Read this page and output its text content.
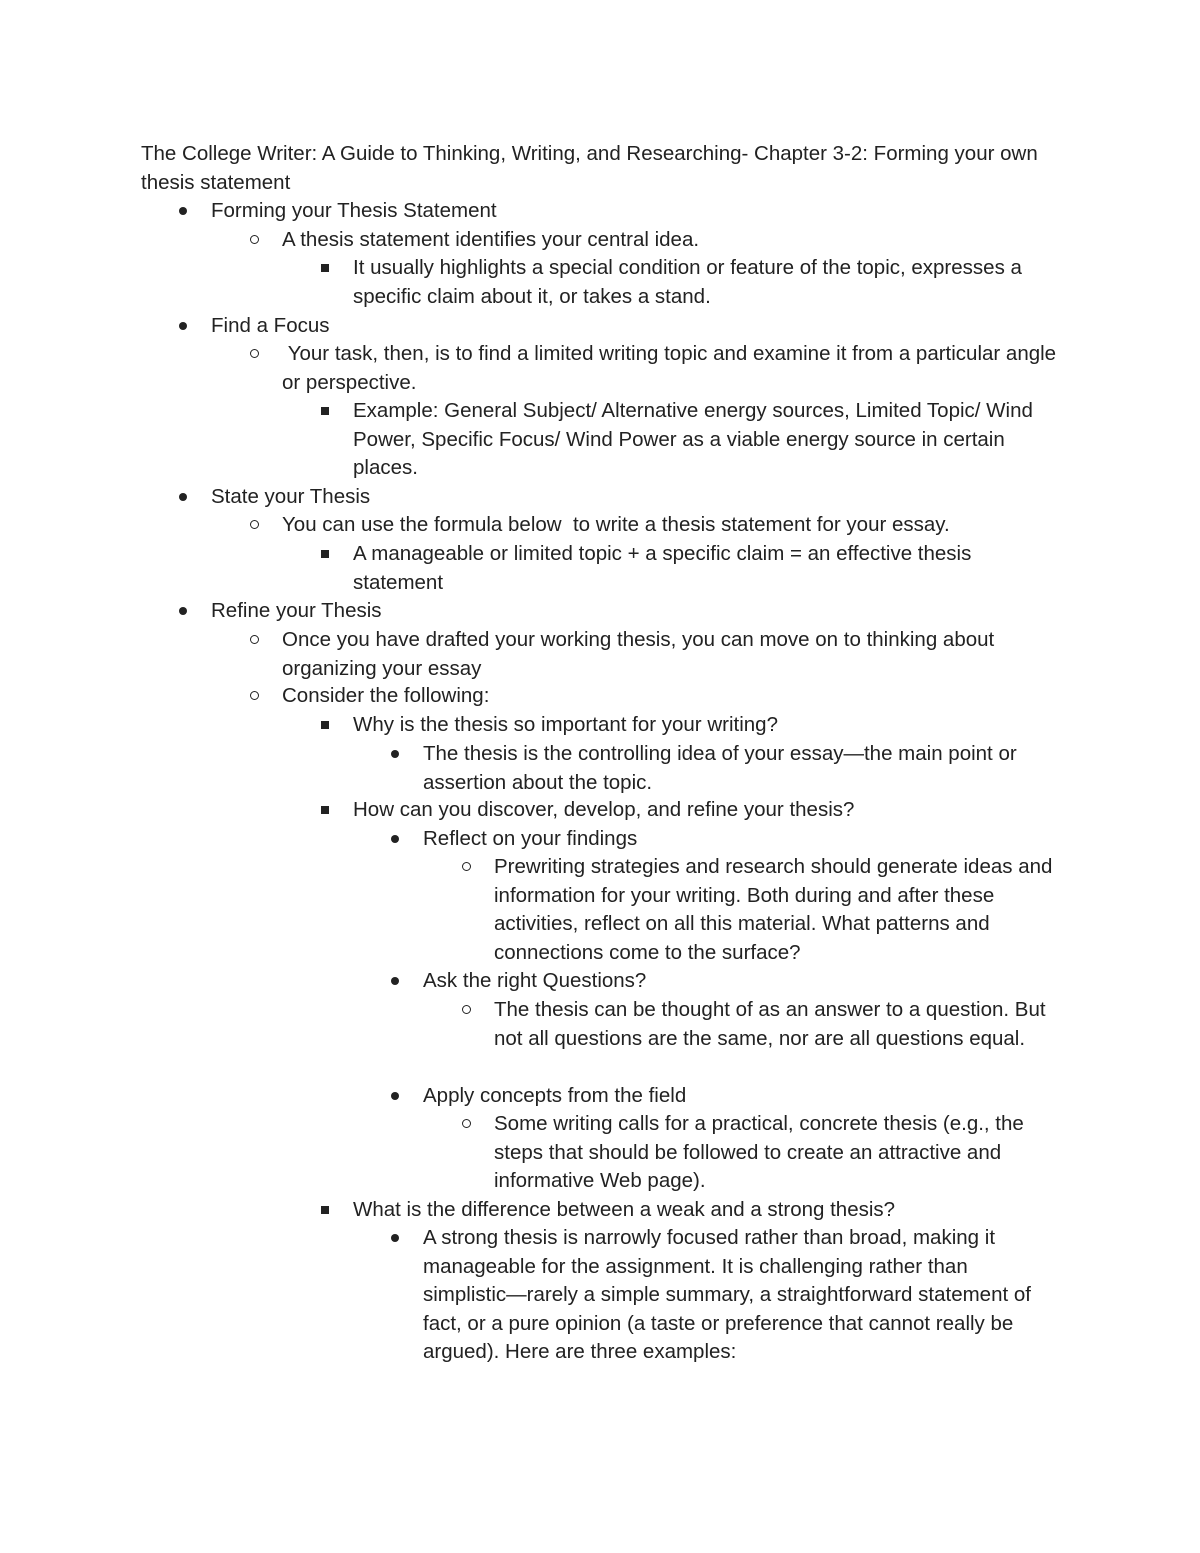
The College Writer: A Guide to Thinking, Writing, and Researching- Chapter 3-2: Forming your own thesis statement
Forming your Thesis Statement
A thesis statement identifies your central idea.
It usually highlights a special condition or feature of the topic, expresses a specific claim about it, or takes a stand.
Find a Focus
Your task, then, is to find a limited writing topic and examine it from a particular angle or perspective.
Example: General Subject/ Alternative energy sources, Limited Topic/ Wind Power, Specific Focus/ Wind Power as a viable energy source in certain places.
State your Thesis
You can use the formula below  to write a thesis statement for your essay.
A manageable or limited topic + a specific claim = an effective thesis statement
Refine your Thesis
Once you have drafted your working thesis, you can move on to thinking about organizing your essay
Consider the following:
Why is the thesis so important for your writing?
The thesis is the controlling idea of your essay—the main point or assertion about the topic.
How can you discover, develop, and refine your thesis?
Reflect on your findings
Prewriting strategies and research should generate ideas and information for your writing. Both during and after these activities, reflect on all this material. What patterns and connections come to the surface?
Ask the right Questions?
The thesis can be thought of as an answer to a question. But not all questions are the same, nor are all questions equal.
Apply concepts from the field
Some writing calls for a practical, concrete thesis (e.g., the steps that should be followed to create an attractive and informative Web page).
What is the difference between a weak and a strong thesis?
A strong thesis is narrowly focused rather than broad, making it manageable for the assignment. It is challenging rather than simplistic—rarely a simple summary, a straightforward statement of fact, or a pure opinion (a taste or preference that cannot really be argued). Here are three examples:
